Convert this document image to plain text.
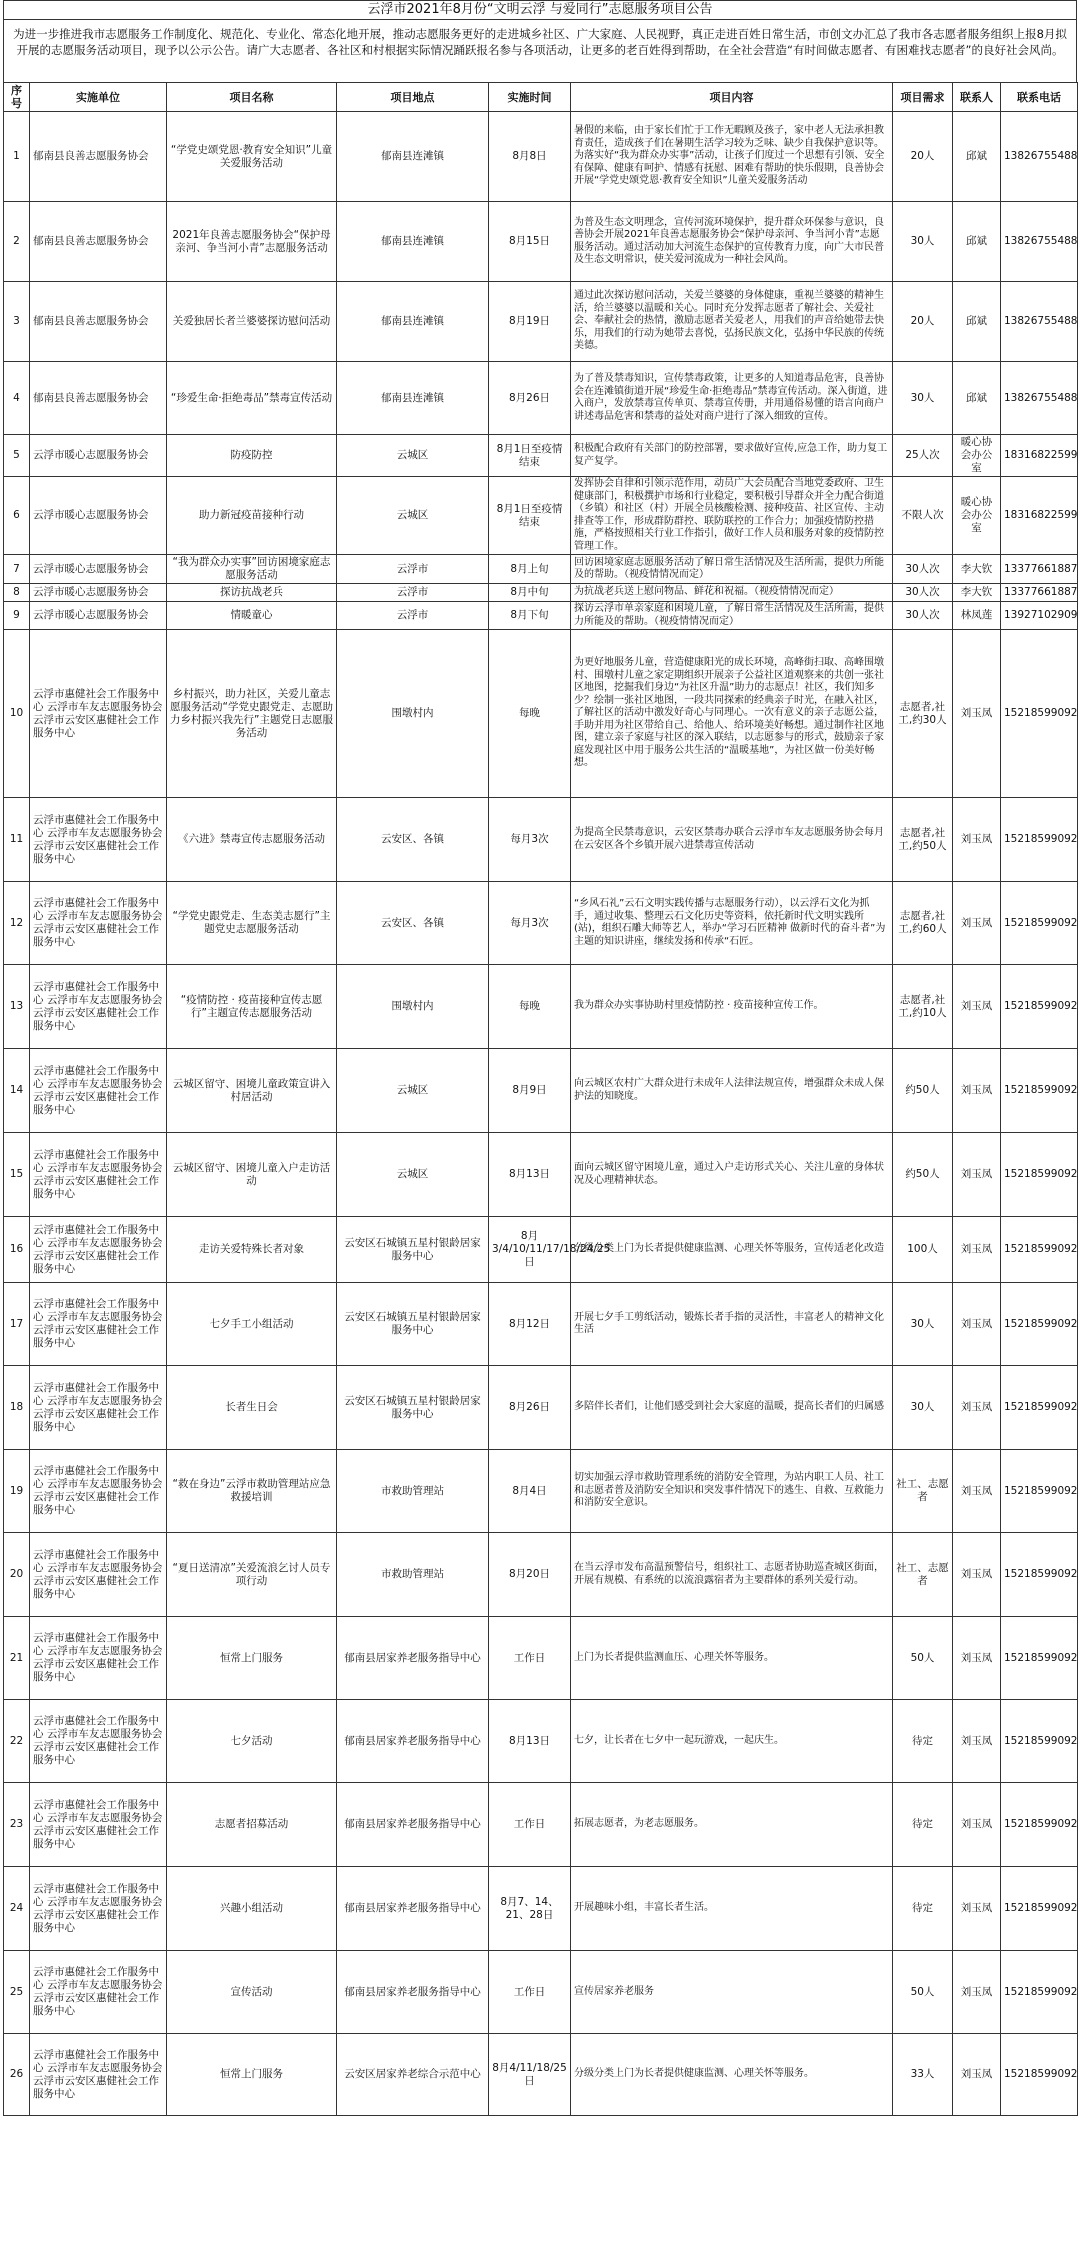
云浮市2021年8月份“文明云浮 与爱同行”志愿服务项目公告
为进一步推进我市志愿服务工作制度化、规范化、专业化、常态化地开展，推动志愿服务更好的走进城乡社区、广大家庭、人民视野，真正走进百姓日常生活，市创文办汇总了我市各志愿者服务组织上报8月拟开展的志愿服务活动项目，现予以公示公告。请广大志愿者、各社区和村根据实际情况踊跃报名参与各项活动，让更多的老百姓得到帮助，在全社会营造“有时间做志愿者、有困难找志愿者”的良好社会风尚。
序号	实施单位	项目名称	项目地点	实施时间	项目内容	项目需求	联系人	联系电话
1	郁南县良善志愿服务协会	“学党史颂党恩·教育安全知识”儿童关爱服务活动	郁南县连滩镇	8月8日	暑假的来临，由于家长们忙于工作无暇顾及孩子，家中老人无法承担教育责任，造成孩子们在暑期生活学习较为乏味、缺少自我保护意识等。为落实好“我为群众办实事”活动，让孩子们度过一个思想有引领、安全有保障、健康有呵护、情感有抚慰、困难有帮助的快乐假期，良善协会开展“学党史颂党恩·教育安全知识”儿童关爱服务活动	20人	邱斌	13826755488
2	郁南县良善志愿服务协会	2021年良善志愿服务协会“保护母亲河、争当河小青”志愿服务活动	郁南县连滩镇	8月15日	为普及生态文明理念，宣传河流环境保护，提升群众环保参与意识，良善协会开展2021年良善志愿服务协会“保护母亲河、争当河小青”志愿服务活动。通过活动加大河流生态保护的宣传教育力度，向广大市民普及生态文明常识，使关爱河流成为一种社会风尚。	30人	邱斌	13826755488
3	郁南县良善志愿服务协会	关爱独居长者兰婆婆探访慰问活动	郁南县连滩镇	8月19日	通过此次探访慰问活动，关爱兰婆婆的身体健康，重视兰婆婆的精神生活，给兰婆婆以温暖和关心。同时充分发挥志愿者了解社会、关爱社会、奉献社会的热情，激励志愿者关爱老人，用我们的声音给她带去快乐，用我们的行动为她带去喜悦，弘扬民族文化，弘扬中华民族的传统美德。	20人	邱斌	13826755488
4	郁南县良善志愿服务协会	“珍爱生命·拒绝毒品”禁毒宣传活动	郁南县连滩镇	8月26日	为了普及禁毒知识，宣传禁毒政策，让更多的人知道毒品危害，良善协会在连滩镇街道开展“珍爱生命·拒绝毒品”禁毒宣传活动。深入街道，进入商户，发放禁毒宣传单页、禁毒宣传册，并用通俗易懂的语言向商户讲述毒品危害和禁毒的益处对商户进行了深入细致的宣传。	30人	邱斌	13826755488
5	云浮市暖心志愿服务协会	防疫防控	云城区	8月1日至疫情结束	积极配合政府有关部门的防控部署，要求做好宣传,应急工作，助力复工复产复学。	25人次	暖心协会办公室	18316822599
6	云浮市暖心志愿服务协会	助力新冠疫苗接种行动	云城区	8月1日至疫情结束	发挥协会自律和引领示范作用，动员广大会员配合当地党委政府、卫生健康部门，积极撰护市场和行业稳定，要积极引导群众并全力配合街道（乡镇）和社区（村）开展全员核酸检测、接种疫苗、社区宣传、主动排查等工作，形成群防群控、联防联控的工作合力；加强疫情防控措施，严格按照相关行业工作指引，做好工作人员和服务对象的疫情防控管理工作。	不限人次	暖心协会办公室	18316822599
7	云浮市暖心志愿服务协会	“我为群众办实事”回访困境家庭志愿服务活动	云浮市	8月上旬	回访困境家庭志愿服务活动了解日常生活情况及生活所需，提供力所能及的帮助。（视疫情情况而定）	30人次	李大钦	13377661887
8	云浮市暖心志愿服务协会	探访抗战老兵	云浮市	8月中旬	为抗战老兵送上慰问物品、鲜花和祝福。（视疫情情况而定）	30人次	李大钦	13377661887
9	云浮市暖心志愿服务协会	情暖童心	云浮市	8月下旬	探访云浮市单亲家庭和困境儿童，了解日常生活情况及生活所需，提供力所能及的帮助。（视疫情情况而定）	30人次	林凤莲	13927102909
10	云浮市惠健社会工作服务中心 云浮市车友志愿服务协会 云浮市云安区惠健社会工作服务中心	乡村振兴，助力社区，关爱儿童志愿服务活动“学党史跟党走、志愿助力乡村振兴我先行”主题党日志愿服务活动	围墩村内	每晚	为更好地服务儿童，营造健康阳光的成长环境，高峰街扫取、高峰围墩村、围墩村儿童之家定期组织开展亲子公益社区道观察来的共创一张社区地图，挖掘我们身边“为社区升温”助力的志愿点！社区，我们知多少？绘制一张社区地图，一段共同探索的经典亲子时光，在融入社区，了解社区的活动中激发好奇心与同理心。一次有意义的亲子志愿公益，手助并用为社区带给自己、给他人、给环境美好畅想。通过制作社区地图，建立亲子家庭与社区的深入联结，以志愿参与的形式，鼓励亲子家庭发现社区中用于服务公共生活的“温暖基地”，为社区做一份美好畅想。	志愿者,社工,约30人	刘玉凤	15218599092
11	云浮市惠健社会工作服务中心 云浮市车友志愿服务协会 云浮市云安区惠健社会工作服务中心	《六进》禁毒宣传志愿服务活动	云安区、各镇	每月3次	为提高全民禁毒意识，云安区禁毒办联合云浮市车友志愿服务协会每月在云安区各个乡镇开展六进禁毒宣传活动	志愿者,社工,约50人	刘玉凤	15218599092
12	云浮市惠健社会工作服务中心 云浮市车友志愿服务协会 云浮市云安区惠健社会工作服务中心	“学党史跟党走、生态美志愿行”主题党史志愿服务活动	云安区、各镇	每月3次	“乡风石礼”云石文明实践传播与志愿服务行动），以云浮石文化为抓手，通过收集、整理云石文化历史等资料，依托新时代文明实践所(站)，组织石雕大师等艺人，举办“学习石匠精神 做新时代的奋斗者”为主题的知识讲座，继续发扬和传承“石匠。	志愿者,社工,约60人	刘玉凤	15218599092
13	云浮市惠健社会工作服务中心 云浮市车友志愿服务协会 云浮市云安区惠健社会工作服务中心	“疫情防控 · 疫苗接种宣传志愿行”主题宣传志愿服务活动	围墩村内	每晚	我为群众办实事协助村里疫情防控 · 疫苗接种宣传工作。	志愿者,社工,约10人	刘玉凤	15218599092
14	云浮市惠健社会工作服务中心 云浮市车友志愿服务协会 云浮市云安区惠健社会工作服务中心	云城区留守、困境儿童政策宣讲入村居活动	云城区	8月9日	向云城区农村广大群众进行未成年人法律法规宣传，增强群众未成人保护法的知晓度。	约50人	刘玉凤	15218599092
15	云浮市惠健社会工作服务中心 云浮市车友志愿服务协会 云浮市云安区惠健社会工作服务中心	云城区留守、困境儿童入户走访活动	云城区	8月13日	面向云城区留守困境儿童，通过入户走访形式关心、关注儿童的身体状况及心理精神状态。	约50人	刘玉凤	15218599092
16	云浮市惠健社会工作服务中心 云浮市车友志愿服务协会 云浮市云安区惠健社会工作服务中心	走访关爱特殊长者对象	云安区石城镇五星村银龄居家服务中心	8月3/4/10/11/17/18/24/25日	分级分类上门为长者提供健康监测、心理关怀等服务，宣传适老化改造	100人	刘玉凤	15218599092
17	云浮市惠健社会工作服务中心 云浮市车友志愿服务协会 云浮市云安区惠健社会工作服务中心	七夕手工小组活动	云安区石城镇五星村银龄居家服务中心	8月12日	开展七夕手工剪纸活动，锻炼长者手指的灵活性，丰富老人的精神文化生活	30人	刘玉凤	15218599092
18	云浮市惠健社会工作服务中心 云浮市车友志愿服务协会 云浮市云安区惠健社会工作服务中心	长者生日会	云安区石城镇五星村银龄居家服务中心	8月26日	多陪伴长者们，让他们感受到社会大家庭的温暖，提高长者们的归属感	30人	刘玉凤	15218599092
19	云浮市惠健社会工作服务中心 云浮市车友志愿服务协会 云浮市云安区惠健社会工作服务中心	“救在身边”云浮市救助管理站应急救援培训	市救助管理站	8月4日	切实加强云浮市救助管理系统的消防安全管理，为站内职工人员、社工和志愿者普及消防安全知识和突发事件情况下的逃生、自救、互救能力和消防安全意识。	社工、志愿者	刘玉凤	15218599092
20	云浮市惠健社会工作服务中心 云浮市车友志愿服务协会 云浮市云安区惠健社会工作服务中心	“夏日送清凉”关爱流浪乞讨人员专项行动	市救助管理站	8月20日	在当云浮市发布高温预警信号，组织社工、志愿者协助巡查城区街面，开展有规模、有系统的以流浪露宿者为主要群体的系列关爱行动。	社工、志愿者	刘玉凤	15218599092
21	云浮市惠健社会工作服务中心 云浮市车友志愿服务协会 云浮市云安区惠健社会工作服务中心	恒常上门服务	郁南县居家养老服务指导中心	工作日	上门为长者提供监测血压、心理关怀等服务。	50人	刘玉凤	15218599092
22	云浮市惠健社会工作服务中心 云浮市车友志愿服务协会 云浮市云安区惠健社会工作服务中心	七夕活动	郁南县居家养老服务指导中心	8月13日	七夕，让长者在七夕中一起玩游戏，一起庆生。	待定	刘玉凤	15218599092
23	云浮市惠健社会工作服务中心 云浮市车友志愿服务协会 云浮市云安区惠健社会工作服务中心	志愿者招募活动	郁南县居家养老服务指导中心	工作日	拓展志愿者，为老志愿服务。	待定	刘玉凤	15218599092
24	云浮市惠健社会工作服务中心 云浮市车友志愿服务协会 云浮市云安区惠健社会工作服务中心	兴趣小组活动	郁南县居家养老服务指导中心	8月7、14、21、28日	开展趣味小组，丰富长者生活。	待定	刘玉凤	15218599092
25	云浮市惠健社会工作服务中心 云浮市车友志愿服务协会 云浮市云安区惠健社会工作服务中心	宣传活动	郁南县居家养老服务指导中心	工作日	宣传居家养老服务	50人	刘玉凤	15218599092
26	云浮市惠健社会工作服务中心 云浮市车友志愿服务协会 云浮市云安区惠健社会工作服务中心	恒常上门服务	云安区居家养老综合示范中心	8月4/11/18/25日	分级分类上门为长者提供健康监测、心理关怀等服务。	33人	刘玉凤	15218599092
